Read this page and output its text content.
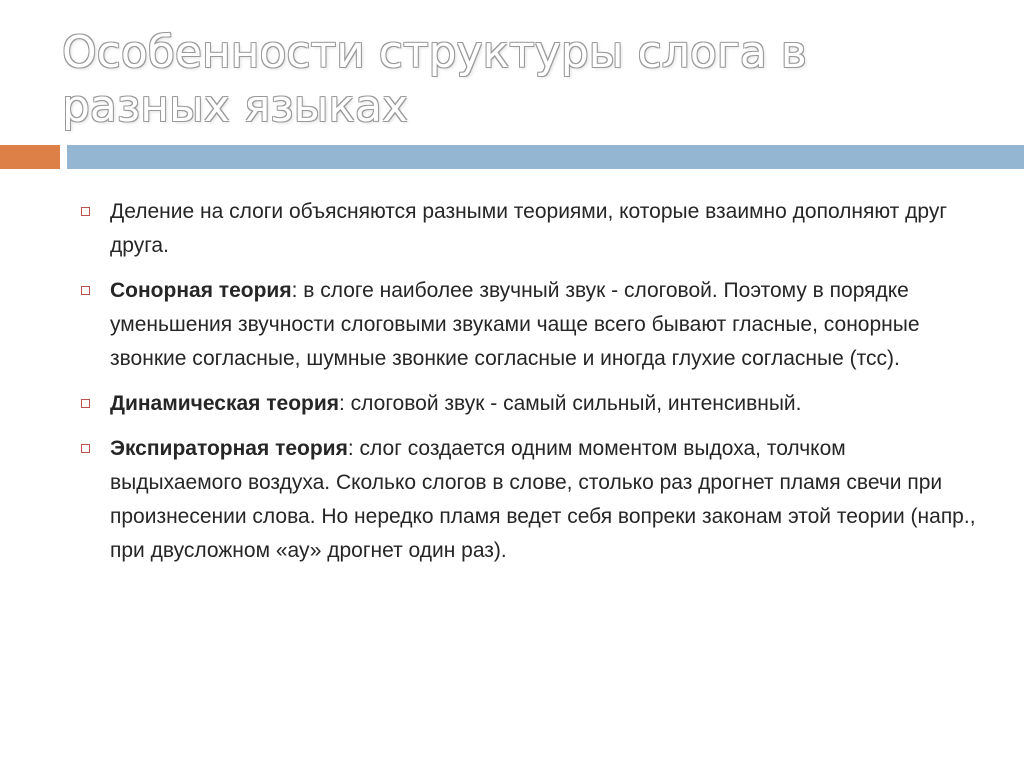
Особенности структуры слога в разных языках
Деление на слоги объясняются разными теориями, которые взаимно дополняют друг друга.
Сонорная теория: в слоге наиболее звучный звук - слоговой. Поэтому в порядке уменьшения звучности слоговыми звуками чаще всего бывают гласные, сонорные звонкие согласные, шумные звонкие согласные и иногда глухие согласные (тсс).
Динамическая теория: слоговой звук - самый сильный, интенсивный.
Экспираторная теория: слог создается одним моментом выдоха, толчком выдыхаемого воздуха. Сколько слогов в слове, столько раз дрогнет пламя свечи при произнесении слова. Но нередко пламя ведет себя вопреки законам этой теории (напр., при двусложном «ау» дрогнет один раз).
